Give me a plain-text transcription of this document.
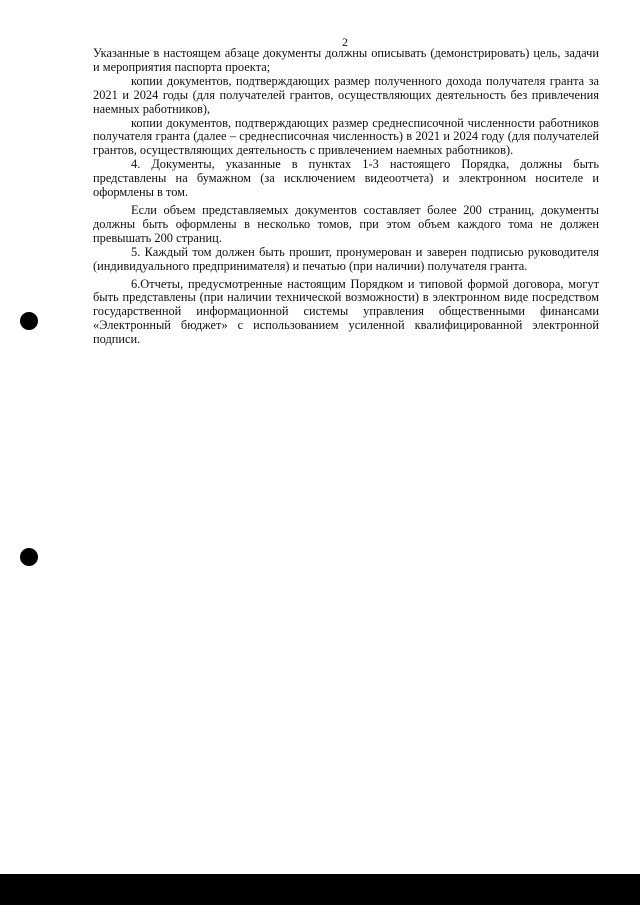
2

Указанные в настоящем абзаце документы должны описывать (демонстрировать) цель, задачи и мероприятия паспорта проекта;

копии документов, подтверждающих размер полученного дохода получателя гранта за 2021 и 2024 годы (для получателей грантов, осуществляющих деятельность без привлечения наемных работников),

копии документов, подтверждающих размер среднесписочной численности работников получателя гранта (далее – среднесписочная численность) в 2021 и 2024 году (для получателей грантов, осуществляющих деятельность с привлечением наемных работников).

4. Документы, указанные в пунктах 1-3 настоящего Порядка, должны быть представлены на бумажном (за исключением видеоотчета) и электронном носителе и оформлены в том.

Если объем представляемых документов составляет более 200 страниц, документы должны быть оформлены в несколько томов, при этом объем каждого тома не должен превышать 200 страниц.

5. Каждый том должен быть прошит, пронумерован и заверен подписью руководителя (индивидуального предпринимателя) и печатью (при наличии) получателя гранта.

6.Отчеты, предусмотренные настоящим Порядком и типовой формой договора, могут быть представлены (при наличии технической возможности) в электронном виде посредством государственной информационной системы управления общественными финансами «Электронный бюджет» с использованием усиленной квалифицированной электронной подписи.
